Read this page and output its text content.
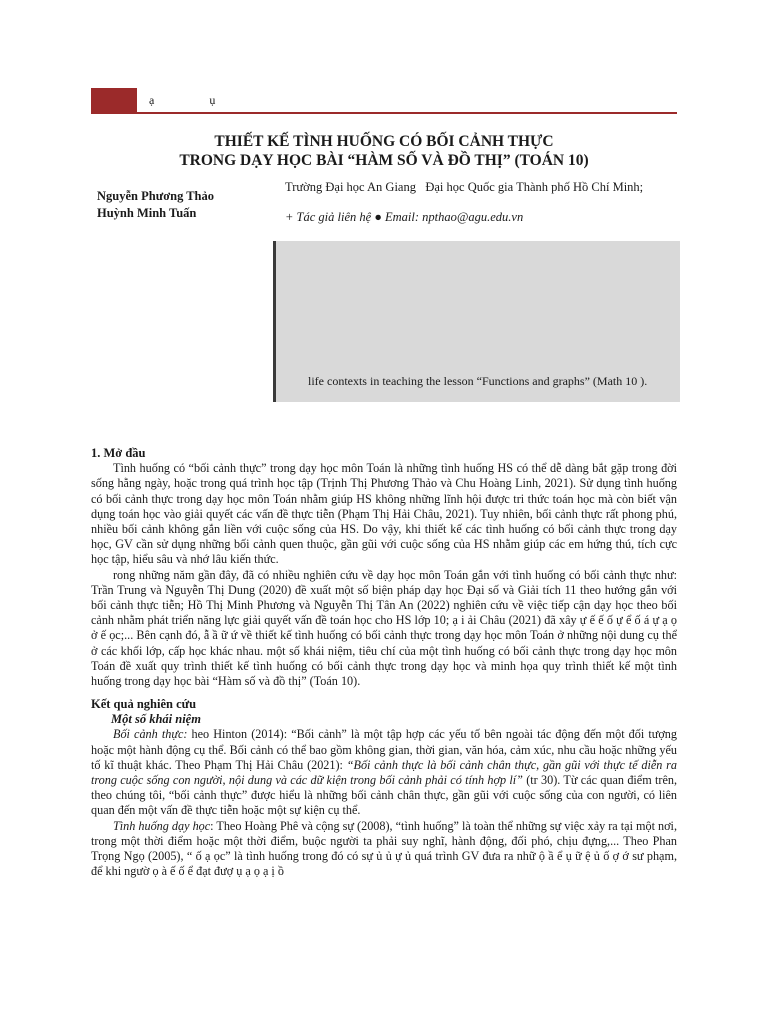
ạ ụ
THIẾT KẾ TÌNH HUỐNG CÓ BỐI CẢNH THỰC
TRONG DẠY HỌC BÀI “HÀM SỐ VÀ ĐỒ THỊ” (TOÁN 10)
Nguyễn Phương Thảo
Huỳnh Minh Tuấn
Trường Đại học An Giang   Đại học Quốc gia Thành phố Hồ Chí Minh;
+ Tác giả liên hệ ● Email: npthao@agu.edu.vn
life contexts in teaching the lesson “Functions and graphs” (Math 10 ).

1. Mở đầu

Tình huống có “bối cảnh thực” trong dạy học môn Toán là những tình huống HS có thể dễ dàng bắt gặp trong đời sống hằng ngày, hoặc trong quá trình học tập (Trịnh Thị Phương Thảo và Chu Hoàng Linh, 2021). Sử dụng tình huống có bối cảnh thực trong dạy học môn Toán nhằm giúp HS không những lĩnh hội được tri thức toán học mà còn biết vận dụng toán học vào giải quyết các vấn đề thực tiễn (Phạm Thị Hải Châu, 2021). Tuy nhiên, bối cảnh thực rất phong phú, nhiều bối cảnh không gắn liền với cuộc sống của HS. Do vậy, khi thiết kế các tình huống có bối cảnh thực trong dạy học, GV cần sử dụng những bối cảnh quen thuộc, gần gũi với cuộc sống của HS nhằm giúp các em hứng thú, tích cực học tập, hiểu sâu và nhớ lâu kiến thức.

rong những năm gần đây, đã có nhiều nghiên cứu về dạy học môn Toán gắn với tình huống có bối cảnh thực như: Trần Trung và Nguyễn Thị Dung (2020) đề xuất một số biện pháp dạy học Đại số và Giải tích 11 theo hướng gắn với bối cảnh thực tiễn; Hồ Thị Minh Phương và Nguyễn Thị Tân An (2022) nghiên cứu về việc tiếp cận dạy học theo bối cảnh nhằm phát triển năng lực giải quyết vấn đề toán học cho HS lớp 10; ạ i ải Châu (2021) đã xây ự ế ế ố ự ể ố á ự ạ ọ ở ế ọc;... Bên cạnh đó, ẫ ầ ữ ứ về thiết kế tình huống có bối cảnh thực trong dạy học môn Toán ở những nội dung cụ thể ở các khối lớp, cấp học khác nhau. một số khái niệm, tiêu chí của một tình huống có bối cảnh thực trong dạy học môn Toán đề xuất quy trình thiết kế tình huống có bối cảnh thực trong dạy học và minh họa quy trình thiết kế một tình huống trong dạy học bài “Hàm số và đồ thị” (Toán 10).

Kết quả nghiên cứu

Một số khái niệm

Bối cảnh thực: heo Hinton (2014): “Bối cảnh” là một tập hợp các yếu tố bên ngoài tác động đến một đối tượng hoặc một hành động cụ thể. Bối cảnh có thể bao gồm không gian, thời gian, văn hóa, cảm xúc, nhu cầu hoặc những yếu tố kĩ thuật khác. Theo Phạm Thị Hải Châu (2021): “Bối cảnh thực là bối cảnh chân thực, gần gũi với thực tế diễn ra trong cuộc sống con người, nội dung và các dữ kiện trong bối cảnh phải có tính hợp lí” (tr 30). Từ các quan điểm trên, theo chúng tôi, “bối cảnh thực” được hiểu là những bối cảnh chân thực, gần gũi với cuộc sống của con người, có liên quan đến một vấn đề thực tiễn hoặc một sự kiện cụ thể.

Tình huống dạy học: Theo Hoàng Phê và cộng sự (2008), “tình huống” là toàn thể những sự việc xảy ra tại một nơi, trong một thời điểm hoặc một thời điểm, buộc người ta phải suy nghĩ, hành động, đối phó, chịu đựng,... Theo Phan Trọng Ngọ (2005), “ ố ạ ọc” là tình huống trong đó có sự ủ ủ ự ủ quá trình GV đưa ra nhữ ộ ầ ể ụ ữ ệ ủ ố ợ ớ sư phạm, để khi ngườ ọ à ế ố ể đạt đượ ụ ạ ọ ạ ị ồ
